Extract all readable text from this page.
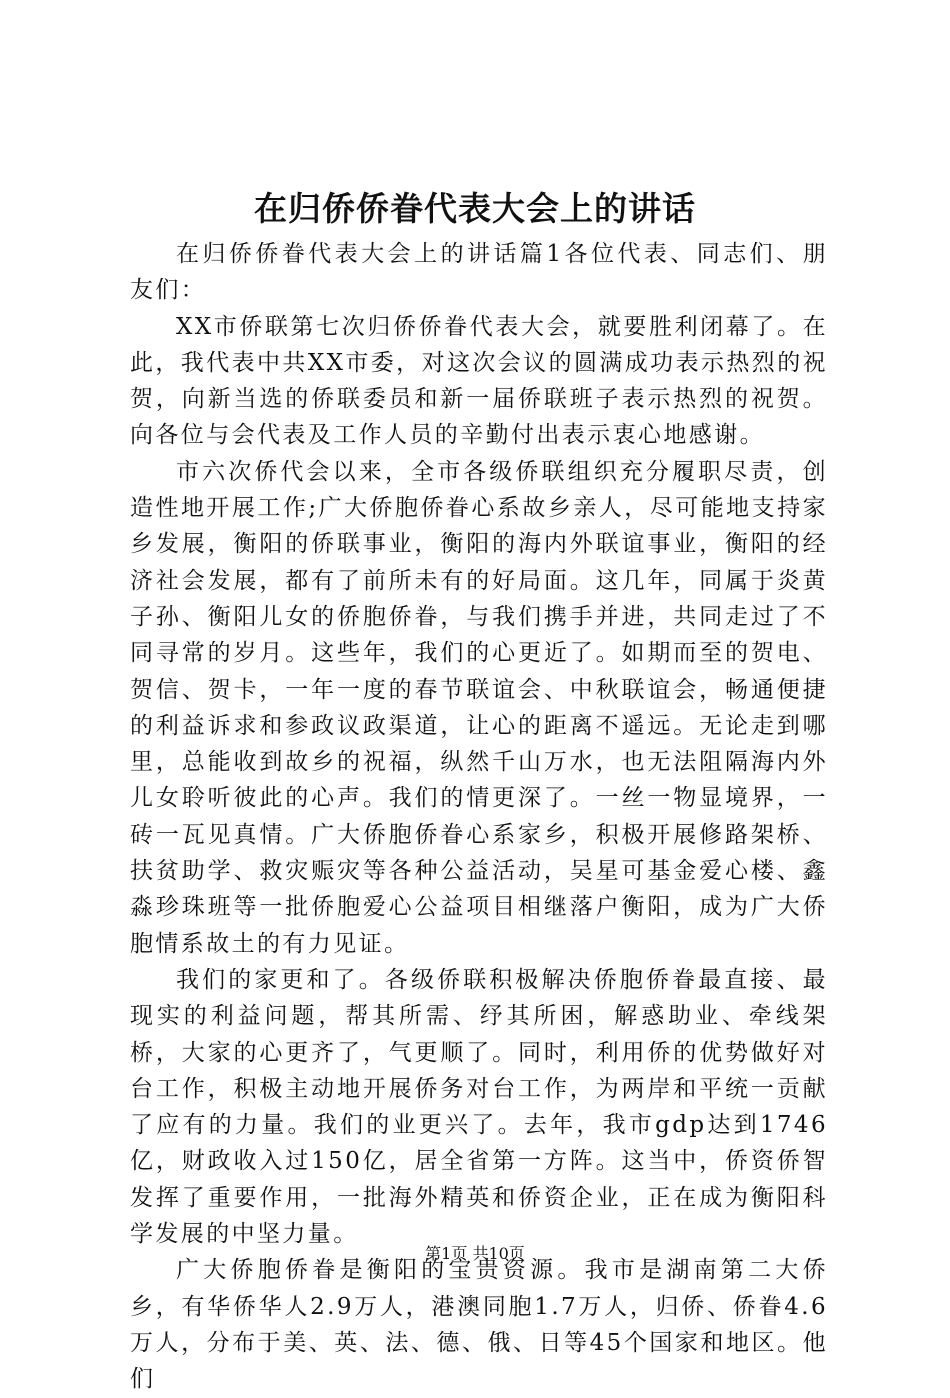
在归侨侨眷代表大会上的讲话

在归侨侨眷代表大会上的讲话篇1各位代表、同志们、朋友们：

XX市侨联第七次归侨侨眷代表大会，就要胜利闭幕了。在此，我代表中共XX市委，对这次会议的圆满成功表示热烈的祝贺，向新当选的侨联委员和新一届侨联班子表示热烈的祝贺。向各位与会代表及工作人员的辛勤付出表示衷心地感谢。

市六次侨代会以来，全市各级侨联组织充分履职尽责，创造性地开展工作;广大侨胞侨眷心系故乡亲人，尽可能地支持家乡发展，衡阳的侨联事业，衡阳的海内外联谊事业，衡阳的经济社会发展，都有了前所未有的好局面。这几年，同属于炎黄子孙、衡阳儿女的侨胞侨眷，与我们携手并进，共同走过了不同寻常的岁月。这些年，我们的心更近了。如期而至的贺电、贺信、贺卡，一年一度的春节联谊会、中秋联谊会，畅通便捷的利益诉求和参政议政渠道，让心的距离不遥远。无论走到哪里，总能收到故乡的祝福，纵然千山万水，也无法阻隔海内外儿女聆听彼此的心声。我们的情更深了。一丝一物显境界，一砖一瓦见真情。广大侨胞侨眷心系家乡，积极开展修路架桥、扶贫助学、救灾赈灾等各种公益活动，吴星可基金爱心楼、鑫淼珍珠班等一批侨胞爱心公益项目相继落户衡阳，成为广大侨胞情系故土的有力见证。

我们的家更和了。各级侨联积极解决侨胞侨眷最直接、最现实的利益问题，帮其所需、纾其所困，解惑助业、牵线架桥，大家的心更齐了，气更顺了。同时，利用侨的优势做好对台工作，积极主动地开展侨务对台工作，为两岸和平统一贡献了应有的力量。我们的业更兴了。去年，我市gdp达到1746亿，财政收入过150亿，居全省第一方阵。这当中，侨资侨智发挥了重要作用，一批海外精英和侨资企业，正在成为衡阳科学发展的中坚力量。

广大侨胞侨眷是衡阳的宝贵资源。我市是湖南第二大侨乡，有华侨华人2.9万人，港澳同胞1.7万人，归侨、侨眷4.6万人，分布于美、英、法、德、俄、日等45个国家和地区。他们

第1页 共10页
